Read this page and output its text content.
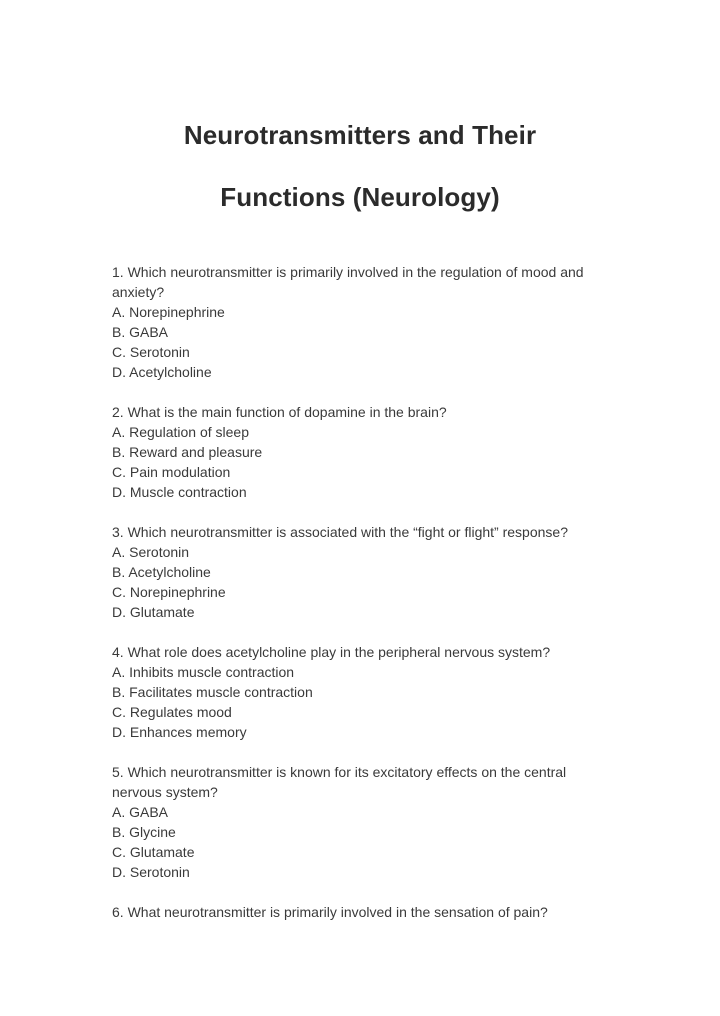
Neurotransmitters and Their
Functions (Neurology)

1. Which neurotransmitter is primarily involved in the regulation of mood and anxiety?

A. Norepinephrine
B. GABA
C. Serotonin
D. Acetylcholine

2. What is the main function of dopamine in the brain?

A. Regulation of sleep
B. Reward and pleasure
C. Pain modulation
D. Muscle contraction

3. Which neurotransmitter is associated with the “fight or flight” response?

A. Serotonin
B. Acetylcholine
C. Norepinephrine
D. Glutamate

4. What role does acetylcholine play in the peripheral nervous system?

A. Inhibits muscle contraction
B. Facilitates muscle contraction
C. Regulates mood
D. Enhances memory

5. Which neurotransmitter is known for its excitatory effects on the central nervous system?

A. GABA
B. Glycine
C. Glutamate
D. Serotonin

6. What neurotransmitter is primarily involved in the sensation of pain?
